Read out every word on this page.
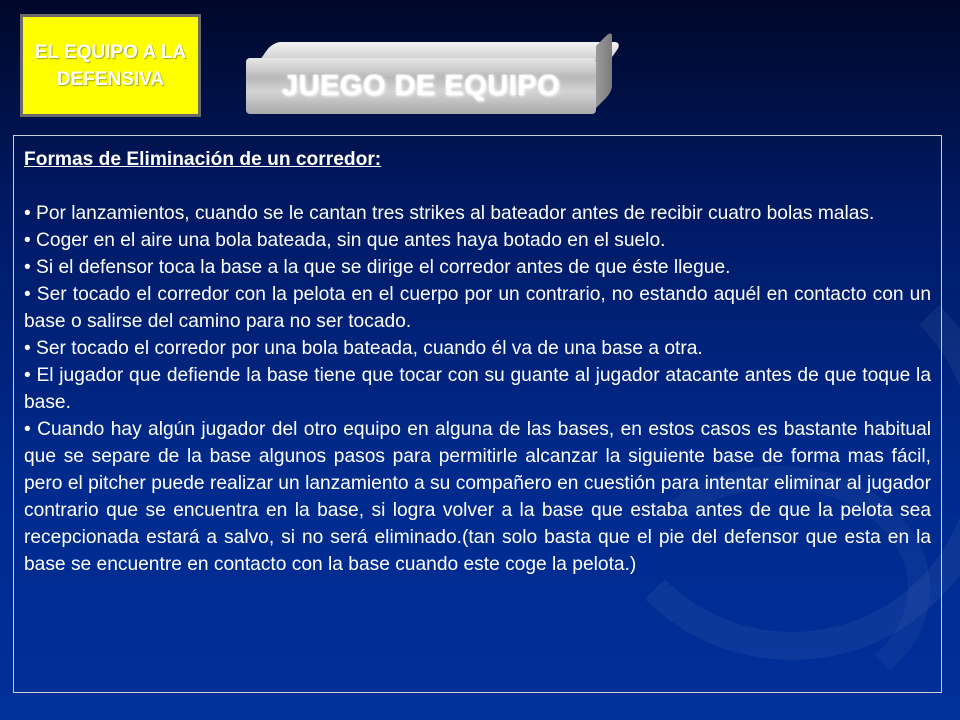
EL EQUIPO A LA DEFENSIVA	JUEGO DE EQUIPO
Formas de Eliminación de un corredor:

• Por lanzamientos, cuando se le cantan tres strikes al bateador antes de recibir cuatro bolas malas.

• Coger en el aire una bola bateada, sin que antes haya botado en el suelo.

• Si el defensor toca la base a la que se dirige el corredor antes de que éste llegue.

• Ser tocado el corredor con la pelota en el cuerpo por un contrario, no estando aquél en contacto con un base o salirse del camino para no ser tocado.

• Ser tocado el corredor por una bola bateada, cuando él va de una base a otra.

• El jugador que defiende la base tiene que tocar con su guante al jugador atacante antes de que toque la base.

• Cuando hay algún jugador del otro equipo en alguna de las bases, en estos casos es bastante habitual que se separe de la base algunos pasos para permitirle alcanzar la siguiente base de forma mas fácil, pero el pitcher puede realizar un lanzamiento a su compañero en cuestión para intentar eliminar al jugador contrario que se encuentra en la base, si logra volver a la base que estaba antes de que la pelota sea recepcionada estará a salvo, si no será eliminado.(tan solo basta que el pie del defensor que esta en la base se encuentre en contacto con la base cuando este coge la pelota.)
